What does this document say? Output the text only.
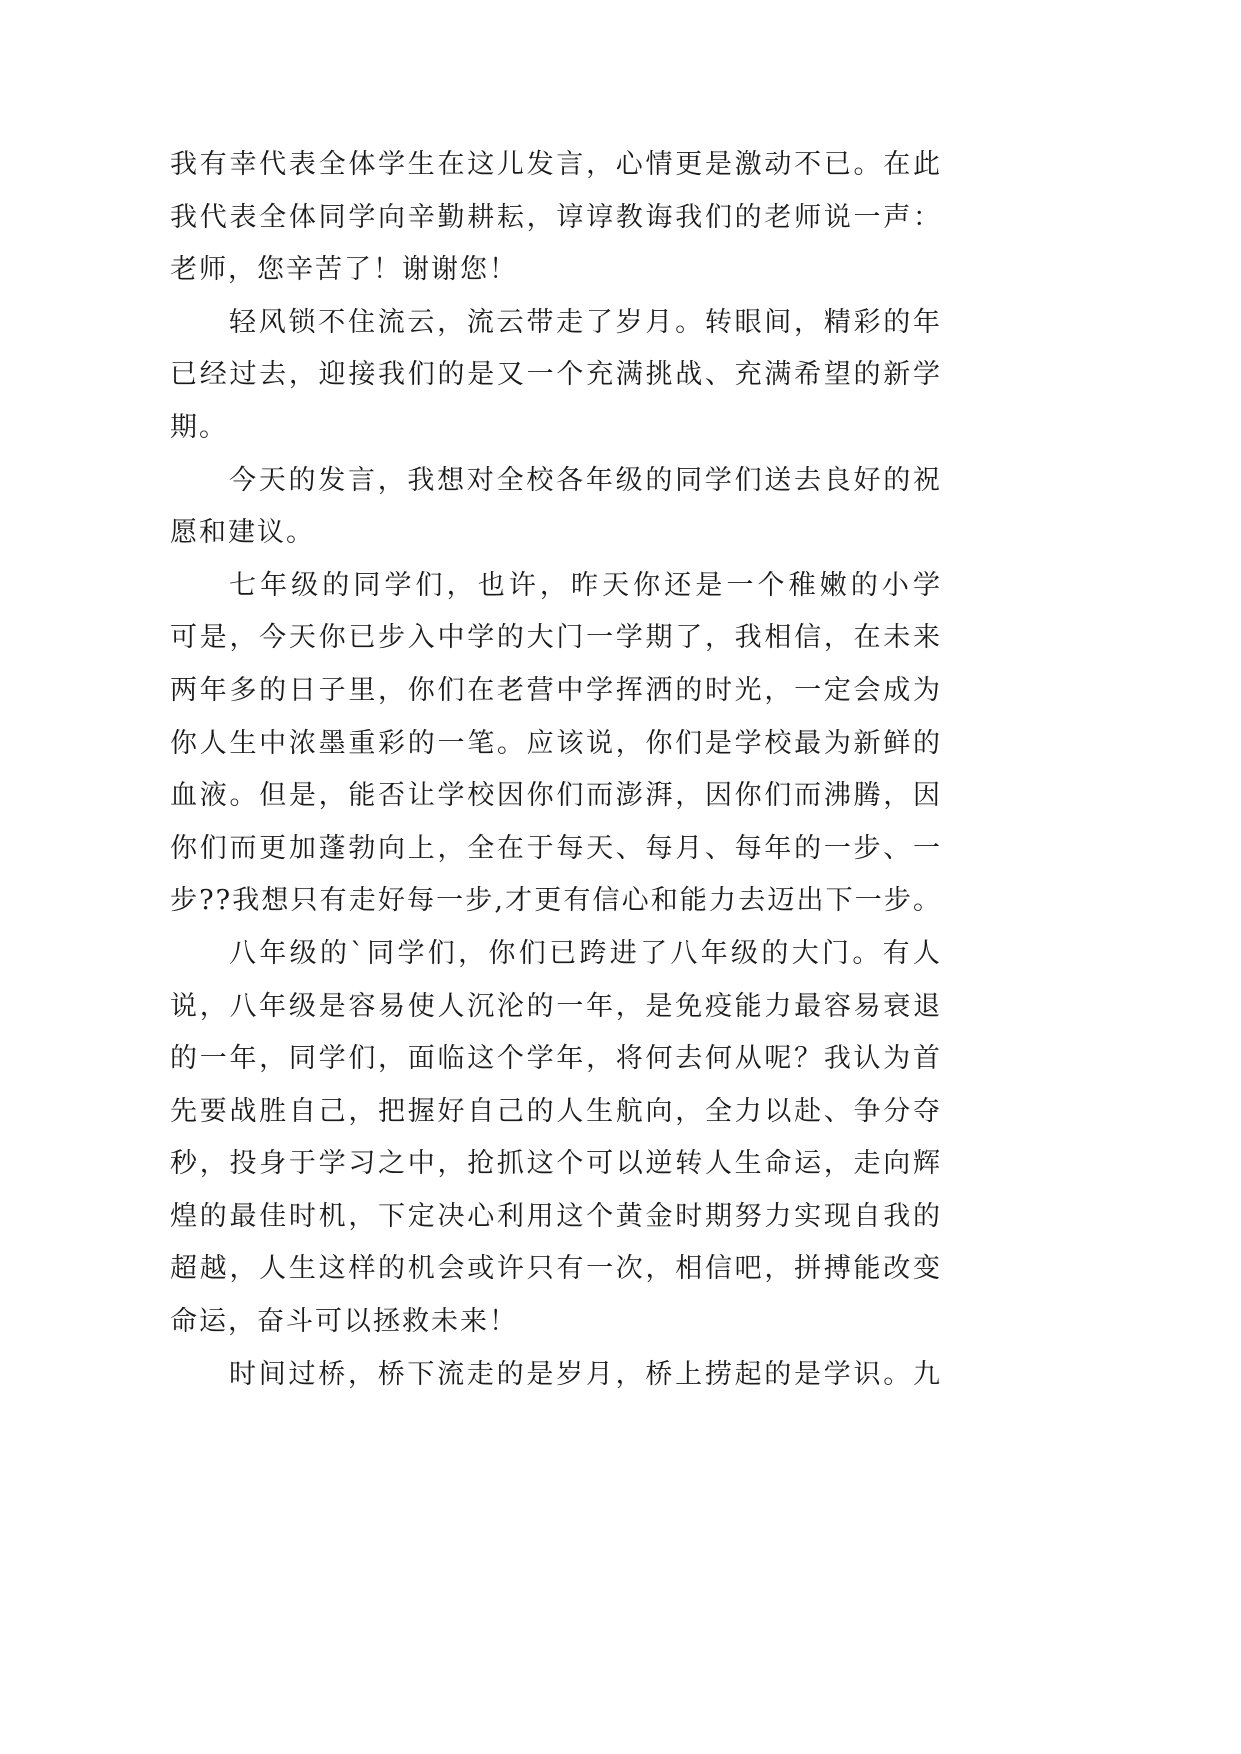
我有幸代表全体学生在这儿发言，心情更是激动不已。在此
我代表全体同学向辛勤耕耘，谆谆教诲我们的老师说一声：
老师，您辛苦了！谢谢您！
轻风锁不住流云，流云带走了岁月。转眼间，精彩的年
已经过去，迎接我们的是又一个充满挑战、充满希望的新学
期。
今天的发言，我想对全校各年级的同学们送去良好的祝
愿和建议。
七年级的同学们，也许，昨天你还是一个稚嫩的小学
可是，今天你已步入中学的大门一学期了，我相信，在未来
两年多的日子里，你们在老营中学挥洒的时光，一定会成为
你人生中浓墨重彩的一笔。应该说，你们是学校最为新鲜的
血液。但是，能否让学校因你们而澎湃，因你们而沸腾，因
你们而更加蓬勃向上，全在于每天、每月、每年的一步、一
步??我想只有走好每一步,才更有信心和能力去迈出下一步。
八年级的`同学们，你们已跨进了八年级的大门。有人
说，八年级是容易使人沉沦的一年，是免疫能力最容易衰退
的一年，同学们，面临这个学年，将何去何从呢？我认为首
先要战胜自己，把握好自己的人生航向，全力以赴、争分夺
秒，投身于学习之中，抢抓这个可以逆转人生命运，走向辉
煌的最佳时机，下定决心利用这个黄金时期努力实现自我的
超越，人生这样的机会或许只有一次，相信吧，拼搏能改变
命运，奋斗可以拯救未来！
时间过桥，桥下流走的是岁月，桥上捞起的是学识。九
